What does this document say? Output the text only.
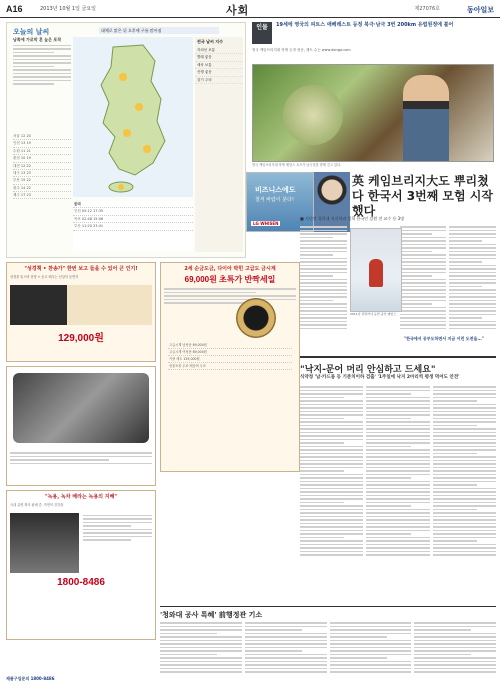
A16	2013년 10월 1일 금요일	사회	제27076호	동아일보
오늘의 날씨	대체로 맑은 뒤 오후에 구름 많아짐
남쪽에 가로막 흔 늪은 포착
서울 12 20
인천 13 19
수원 11 21
춘천 10 19
대전 12 22
대구 13 23
부산 15 22
광주 14 22
제주 17 23
물때
인천 05:12 17:35
목포 02:48 15:06
부산 11:20 23:41
전국 날씨 지수
자외선 보통
빨래 좋음
세차 보통
산행 좋음
감기 주의
비즈니스에도
철저 바람이 분다!
LG WHISEN
인물	19세에 영국의 피트스 애베레스트 등정 북극·남극 3번 200km 유럽원정에 불어
영국 케임브리지대 학생 등정 성공, 제트 수는 www.donga.com
영국 케임브리지대 학생 제임스 호프가 남극점을 향해 걷고 있다.
英 케임브리지大도 뿌리쳤다 한국서 3번째 모험 시작했다
■ 지난달 경희대 지리학과 입학 한국인 강원 전 교수 등 3명
2011년 히말라야 등반 중인 제임스
"한국에서 공부도하면서 지금 이런 도전을..."
"성경책 • 찬송가" 한번 보고 들을 수 있어 큰 인기!
성경을 읽으며 찬양 + 듣고 배우는 신앙의 동반자
129,000원
"녹용, 녹차 배라는 녹용의 지혜"
국내 유명 회사 판매 중, 자연의 건강을
1800-8486
제품구입문의 1800-8486
2세 순금도금, 다이아 박힌 고급도 금시계
69,000원 초특가 반짝세일
고급시계 남성용 69,000원
고급시계 여성용 69,000원
커플 세트 129,000원
선물포장 무료 배송비 무료	"낙지-문어 머리 안심하고 드세요"
식약청 '납·카드뮴 등 기준치이하 검출' '1주일에 낙지 2마리씩 평생 먹어도 안전'
'청와대 공사 특혜' 前행정관 기소
